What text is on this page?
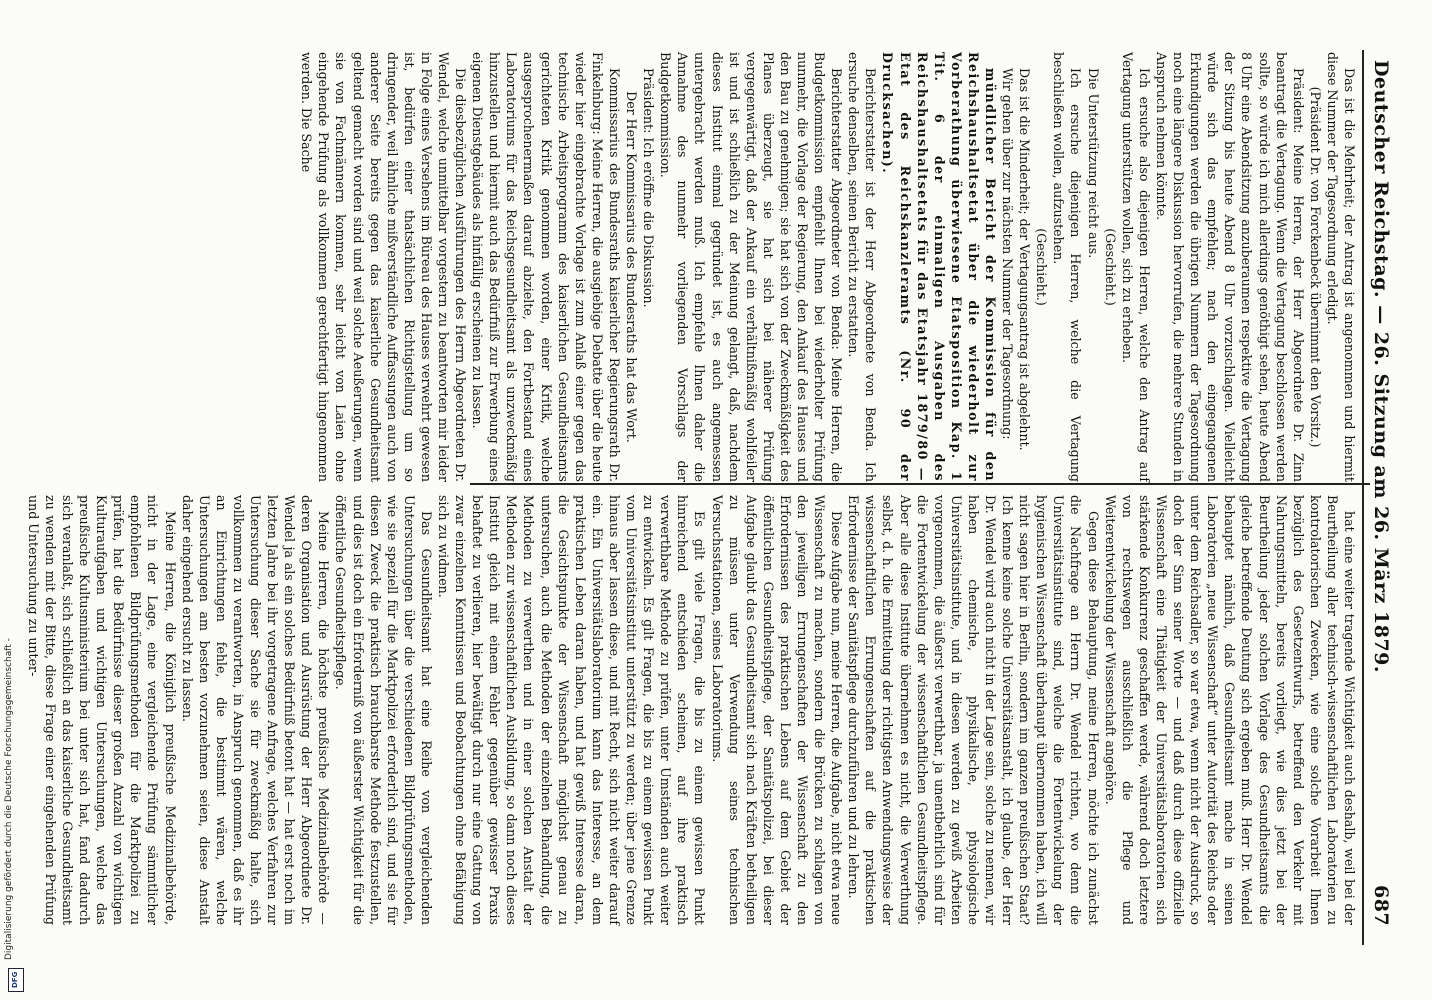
Deutscher Reichstag. — 26. Sitzung am 26. März 1879.
687

Das ist die Mehrheit; der Antrag ist angenommen und hiermit diese Nummer der Tagesordnung erledigt.

(Präsident Dr. von Forckenbeck übernimmt den Vorsitz.)

Präsident: Meine Herren, der Herr Abgeordnete Dr. Zinn beantragt die Vertagung. Wenn die Vertagung beschlossen werden sollte, so würde ich mich allerdings genöthigt sehen, heute Abend 8 Uhr eine Abendsitzung anzuberaumen respektive die Vertagung der Sitzung bis heute Abend 8 Uhr vorzuschlagen. Vielleicht würde sich das empfehlen; nach den eingegangenen Erkundigungen werden die übrigen Nummern der Tagesordnung noch eine längere Diskussion hervorrufen, die mehrere Stunden in Anspruch nehmen könnte.

Ich ersuche also diejenigen Herren, welche den Antrag auf Vertagung unterstützen wollen, sich zu erheben.

(Geschieht.)

Die Unterstützung reicht aus.

Ich ersuche diejenigen Herren, welche die Vertagung beschließen wollen, aufzustehen.

(Geschieht.)

Das ist die Minderheit; der Vertagungsantrag ist abgelehnt.

Wir gehen über zur nächsten Nummer der Tagesordnung:

mündlicher Bericht der Kommission für den Reichshaushaltsetat über die wiederholt zur Vorberathung überwiesene Etatsposition Kap. 1 Tit. 6 der einmaligen Ausgaben des Reichshaushaltsetats für das Etatsjahr 1879/80 — Etat des Reichskanzleramts (Nr. 90 der Drucksachen).

Berichterstatter ist der Herr Abgeordnete von Benda. Ich ersuche denselben, seinen Bericht zu erstatten.

Berichterstatter Abgeordneter von Benda: Meine Herren, die Budgetkommission empfiehlt Ihnen bei wiederholter Prüfung nunmehr, die Vorlage der Regierung, den Ankauf des Hauses und den Bau zu genehmigen; sie hat sich von der Zweckmäßigkeit des Planes überzeugt, sie hat sich bei näherer Prüfung vergegenwärtigt, daß der Ankauf ein verhältnißmäßig wohlfeiler ist und ist schließlich zu der Meinung gelangt, daß, nachdem dieses Institut einmal gegründet ist, es auch angemessen untergebracht werden muß. Ich empfehle Ihnen daher die Annahme des nunmehr vorliegenden Vorschlags der Budgetkommission.

Präsident: Ich eröffne die Diskussion.

Der Herr Kommissarius des Bundesraths hat das Wort.

Kommissarius des Bundesraths kaiserlicher Regierungsrath Dr. Finkelnburg: Meine Herren, die ausgiebige Debatte über die heute wieder hier eingebrachte Vorlage ist zum Anlaß einer gegen das technische Arbeitsprogramm des kaiserlichen Gesundheitsamts gerichteten Kritik genommen worden, einer Kritik, welche ausgesprochenermaßen darauf abzielte, den Fortbestand eines Laboratoriums für das Reichsgesundheitsamt als unzweckmäßig hinzustellen und hiermit auch das Bedürfniß zur Erwerbung eines eigenen Dienstgebäudes als hinfällig erscheinen zu lassen.

Die diesbezüglichen Ausführungen des Herrn Abgeordneten Dr. Wendel, welche unmittelbar vorgestern zu beantworten mir leider in Folge eines Versehens im Büreau des Hauses verwehrt gewesen ist, bedürfen einer thatsächlichen Richtigstellung um so dringender, weil ähnliche mißverständliche Auffassungen auch von anderer Seite bereits gegen das kaiserliche Gesundheitsamt geltend gemacht worden sind und weil solche Aeußerungen, wenn sie von Fachmännern kommen, sehr leicht von Laien ohne eingehende Prüfung als vollkommen gerechtfertigt hingenommen werden. Die Sache

hat eine weiter tragende Wichtigkeit auch deshalb, weil bei der Beurtheilung aller technisch-wissenschaftlichen Laboratorien zu kontrolatorischen Zwecken, wie eine solche Vorarbeit Ihnen bezüglich des Gesetzentwurfs, betreffend den Verkehr mit Nahrungsmitteln, bereits vorliegt, wie dies jetzt bei der Beurtheilung jeder solchen Vorlage des Gesundheitsamts die gleiche betreffende Deutung sich ergeben muß. Herr Dr. Wendel behauptet nämlich, daß Gesundheitsamt mache in seinen Laboratorien „neue Wissenschaft“ unter Autorität des Reichs oder unter dem Reichsadler, so war etwa, wenn nicht der Ausdruck, so doch der Sinn seiner Worte — und daß durch diese offizielle Wissenschaft eine Thätigkeit der Universitätslaboratorien sich stärkende Konkurrenz geschaffen werde, während doch letztere von rechtswegen ausschließlich die Pflege und Weiterentwickelung der Wissenschaft angehöre.

Gegen diese Behauptung, meine Herren, möchte ich zunächst die Nachfrage an Herrn Dr. Wendel richten, wo denn die Universitätsinstitute sind, welche die Fortentwickelung der hygienischen Wissenschaft überhaupt übernommen haben, ich will nicht sagen hier in Berlin, sondern im ganzen preußischen Staat? Ich kenne keine solche Universitätsanstalt, ich glaube, der Herr Dr. Wendel wird auch nicht in der Lage sein, solche zu nennen, wir haben chemische, physikalische, physiologische Universitätsinstitute, und in diesen werden zu gewiß Arbeiten vorgenommen, die äußerst verwerthbar, ja unentbehrlich sind für die Fortentwickelung der wissenschaftlichen Gesundheitspflege. Aber alle diese Institute übernehmen es nicht, die Verwerthung selbst, d. h. die Ermittelung der richtigsten Anwendungsweise der wissenschaftlichen Errungenschaften auf die praktischen Erfordernisse der Sanitätspflege durchzuführen und zu lehren.

Diese Aufgabe nun, meine Herren, die Aufgabe, nicht etwa neue Wissenschaft zu machen, sondern die Brücken zu schlagen von den jeweiligen Errungenschaften der Wissenschaft zu den Erfordernissen des praktischen Lebens auf dem Gebiet der öffentlichen Gesundheitspflege, der Sanitätspolizei, bei dieser Aufgabe glaubt das Gesundheitsamt sich nach Kräften betheiligen zu müssen unter Verwendung seines technischen Versuchsstationen, seines Laboratoriums.

Es gilt viele Fragen, die bis zu einem gewissen Punkt hinreichend entschieden scheinen, auf ihre praktisch verwerthbare Methode zu prüfen, unter Umständen auch weiter zu entwickeln. Es gilt Fragen, die bis zu einem gewissen Punkt vom Universitätsinstitut unterstützt zu werden; über jene Grenze hinaus aber lassen diese, und mit Recht, sich nicht weiter darauf ein. Ein Universitätslaboratorium kann das Interesse, an dem praktischen Leben daran haben, und hat gewiß Interesse daran, die Gesichtspunkte der Wissenschaft möglichst genau zu untersuchen, auch die Methoden der einzelnen Behandlung, die Methoden zu verwerthen und in einer solchen Anstalt der Methoden zur wissenschaftlichen Ausbildung, so dann noch dieses Institut gleich mit einem Fehler gegenüber gewisser Praxis behaftet zu verlieren, hier bewältigt durch nur eine Gattung von zwar einzelnen Kenntnissen und Beobachtungen ohne Befähigung sich zu widmen.

Das Gesundheitsamt hat eine Reihe von vergleichenden Untersuchungen über die verschiedenen Bildprüfungsmethoden, wie sie speziell für die Marktpolizei erforderlich sind, und sie für diesen Zweck die praktisch brauchbarste Methode festzustellen, und dies ist doch ein Erforderniß von äußerster Wichtigkeit für die öffentliche Gesundheitspflege.

Meine Herren, die höchste preußische Medizinalbehörde — deren Organisation und Ausrüstung der Herr Abgeordnete Dr. Wendel ja als ein solches Bedürfniß betont hat — hat erst noch im letzten Jahre bei ihr vorgetragene Anfrage, welches Verfahren zur Untersuchung dieser Sache sie für zweckmäßig halte, sich vollkommen zu verantworten, in Anspruch genommen, daß es ihr an Einrichtungen fehle, die bestimmt wären, welche Untersuchungen am besten vorzunehmen seien, diese Anstalt daher eingehend ersucht zu lassen.

Meine Herren, die Königlich preußische Medizinalbehörde, nicht in der Lage, eine vergleichende Prüfung sämmtlicher empfohlenen Bildprüfungsmethoden für die Marktpolizei zu prüfen, hat die Bedürfnisse dieser großen Anzahl von wichtigen Kulturaufgaben und wichtigen Untersuchungen, welche das preußische Kultusministerium bei unter sich hat, fand dadurch sich veranlaßt, sich schließlich an das kaiserliche Gesundheitsamt zu wenden mit der Bitte, diese Frage einer eingehenden Prüfung und Untersuchung zu unter-

Digitalisierung gefördert durch die Deutsche Forschungsgemeinschaft -
DFG
